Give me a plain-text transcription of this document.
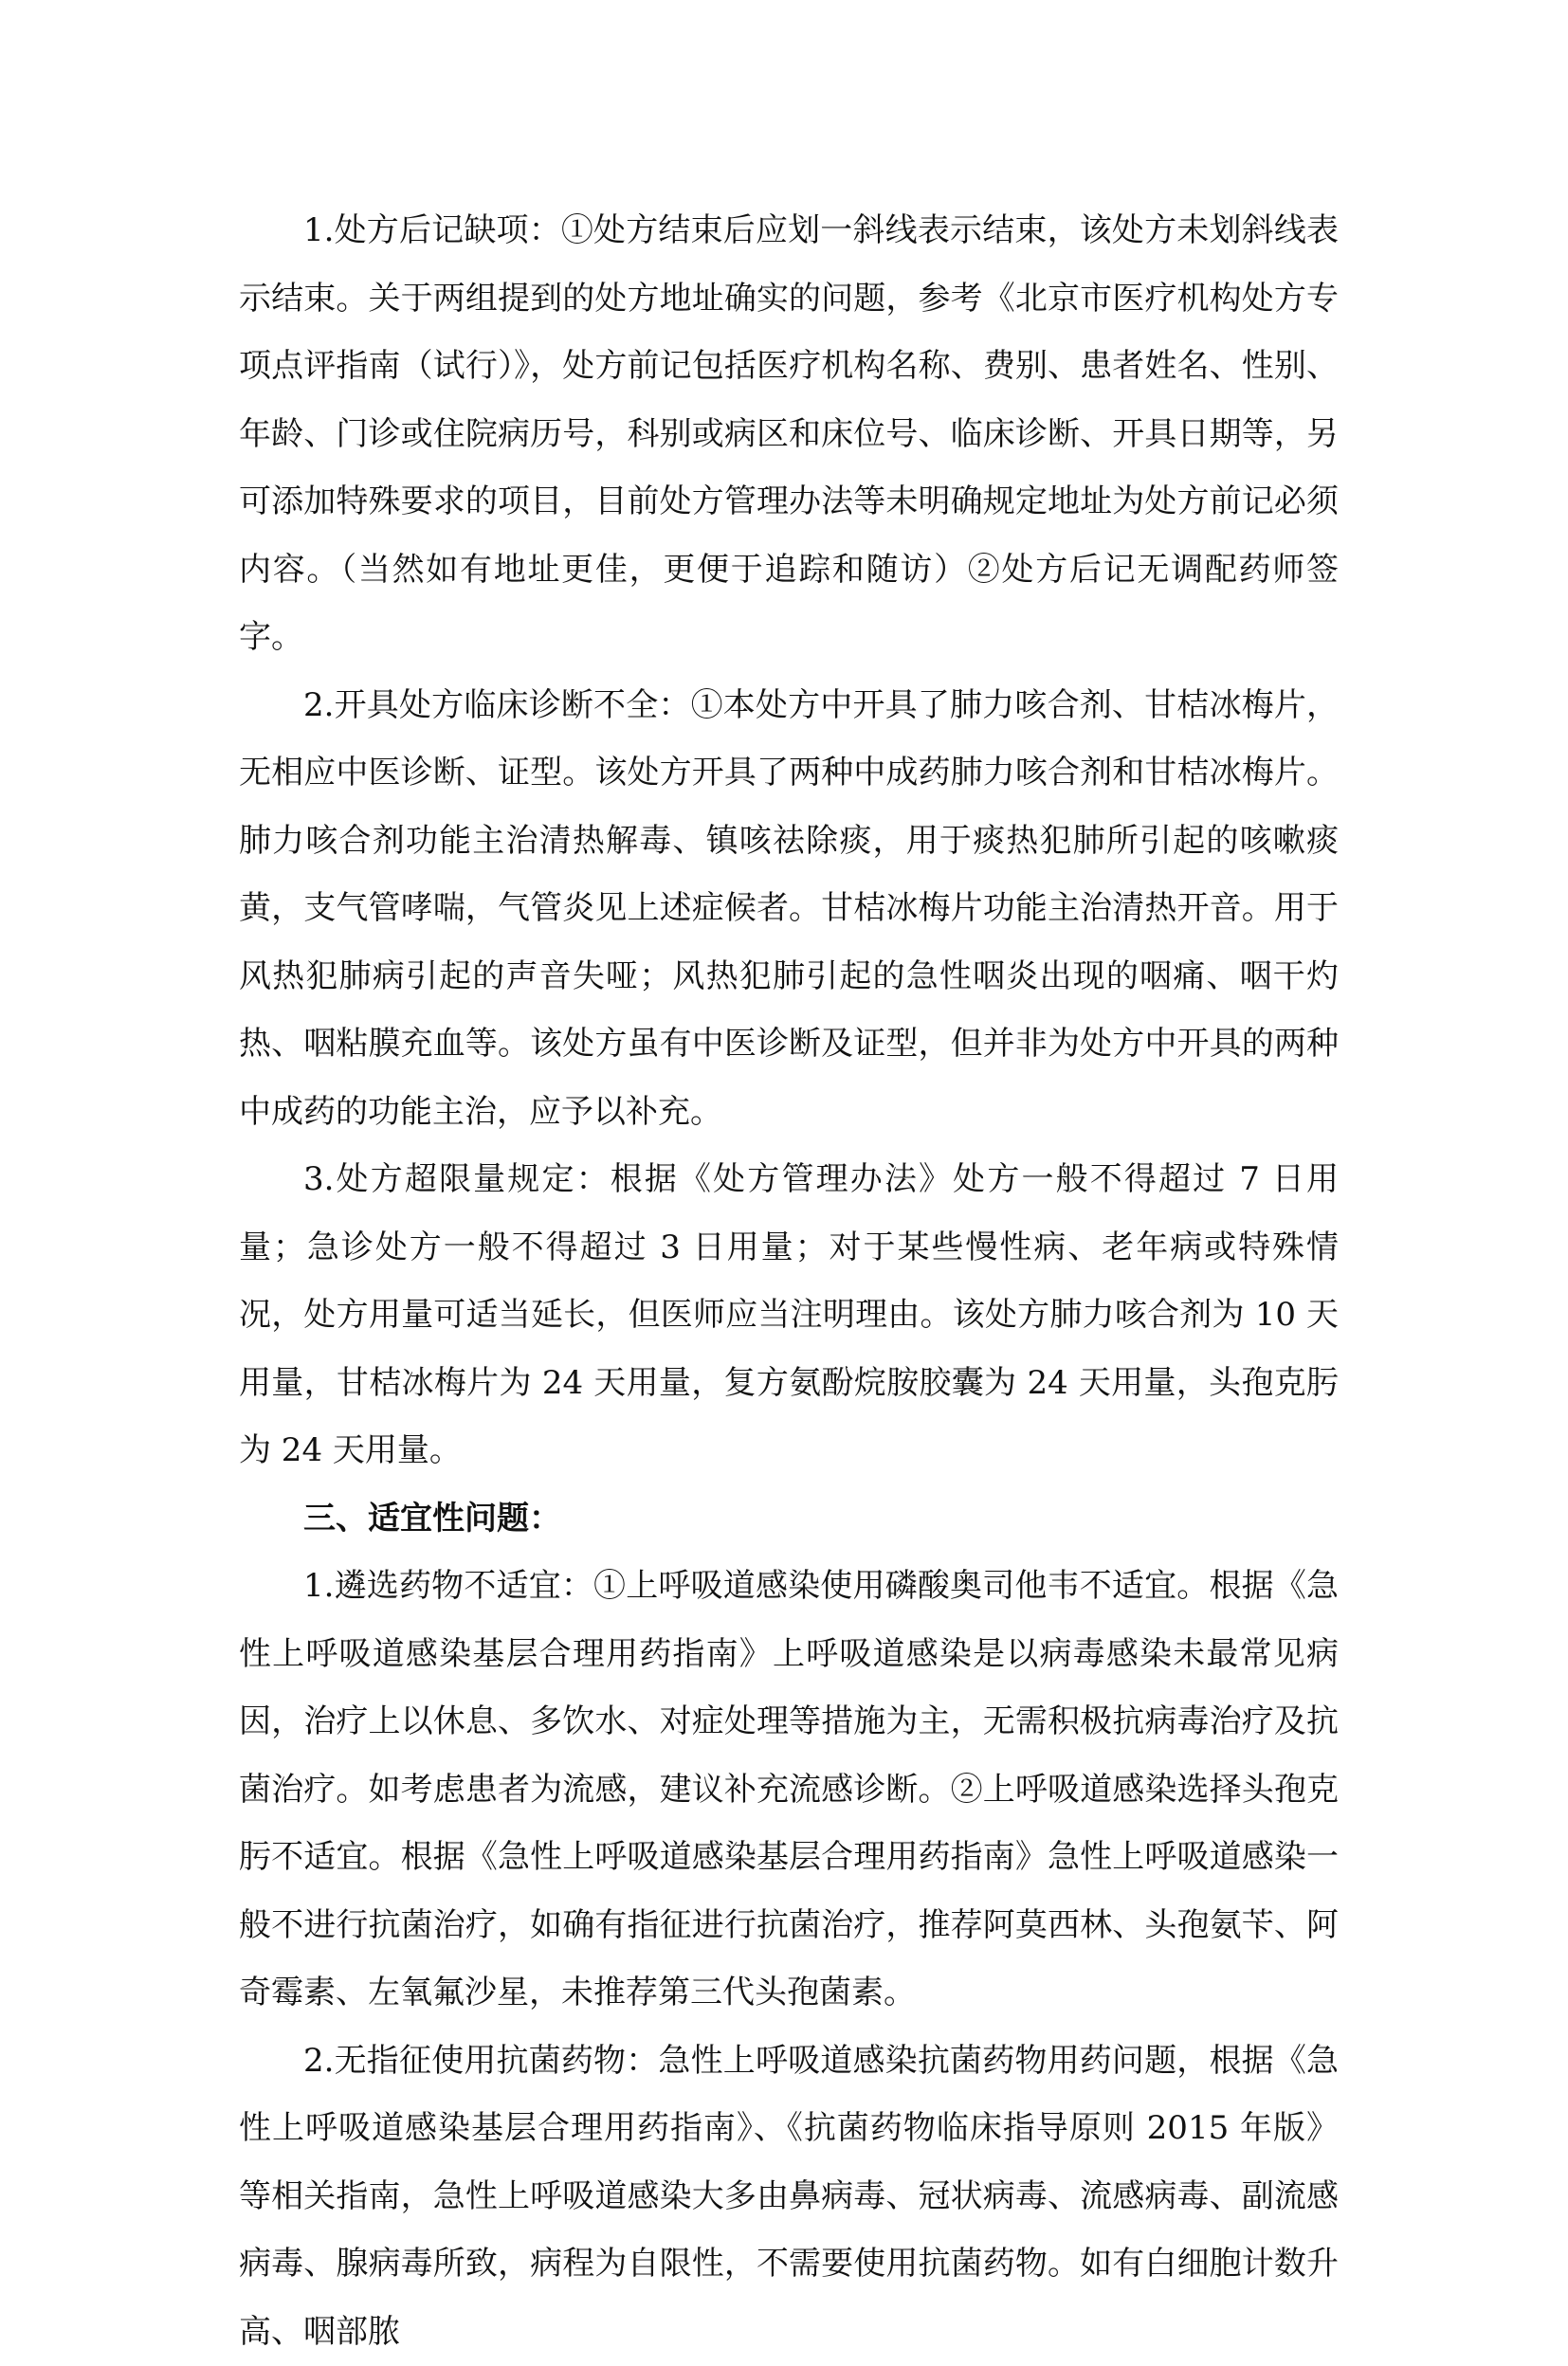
1.处方后记缺项：①处方结束后应划一斜线表示结束，该处方未划斜线表示结束。关于两组提到的处方地址确实的问题，参考《北京市医疗机构处方专项点评指南（试行）》，处方前记包括医疗机构名称、费别、患者姓名、性别、年龄、门诊或住院病历号，科别或病区和床位号、临床诊断、开具日期等，另可添加特殊要求的项目，目前处方管理办法等未明确规定地址为处方前记必须内容。（当然如有地址更佳，更便于追踪和随访）②处方后记无调配药师签字。

2.开具处方临床诊断不全：①本处方中开具了肺力咳合剂、甘桔冰梅片，无相应中医诊断、证型。该处方开具了两种中成药肺力咳合剂和甘桔冰梅片。肺力咳合剂功能主治清热解毒、镇咳祛除痰，用于痰热犯肺所引起的咳嗽痰黄，支气管哮喘，气管炎见上述症候者。甘桔冰梅片功能主治清热开音。用于风热犯肺病引起的声音失哑；风热犯肺引起的急性咽炎出现的咽痛、咽干灼热、咽粘膜充血等。该处方虽有中医诊断及证型，但并非为处方中开具的两种中成药的功能主治，应予以补充。

3.处方超限量规定：根据《处方管理办法》处方一般不得超过 7 日用量；急诊处方一般不得超过 3 日用量；对于某些慢性病、老年病或特殊情况，处方用量可适当延长，但医师应当注明理由。该处方肺力咳合剂为 10 天用量，甘桔冰梅片为 24 天用量，复方氨酚烷胺胶囊为 24 天用量，头孢克肟为 24 天用量。

三、适宜性问题：

1.遴选药物不适宜：①上呼吸道感染使用磷酸奥司他韦不适宜。根据《急性上呼吸道感染基层合理用药指南》上呼吸道感染是以病毒感染未最常见病因，治疗上以休息、多饮水、对症处理等措施为主，无需积极抗病毒治疗及抗菌治疗。如考虑患者为流感，建议补充流感诊断。②上呼吸道感染选择头孢克肟不适宜。根据《急性上呼吸道感染基层合理用药指南》急性上呼吸道感染一般不进行抗菌治疗，如确有指征进行抗菌治疗，推荐阿莫西林、头孢氨苄、阿奇霉素、左氧氟沙星，未推荐第三代头孢菌素。

2.无指征使用抗菌药物：急性上呼吸道感染抗菌药物用药问题，根据《急性上呼吸道感染基层合理用药指南》、《抗菌药物临床指导原则 2015 年版》等相关指南，急性上呼吸道感染大多由鼻病毒、冠状病毒、流感病毒、副流感病毒、腺病毒所致，病程为自限性，不需要使用抗菌药物。如有白细胞计数升高、咽部脓
